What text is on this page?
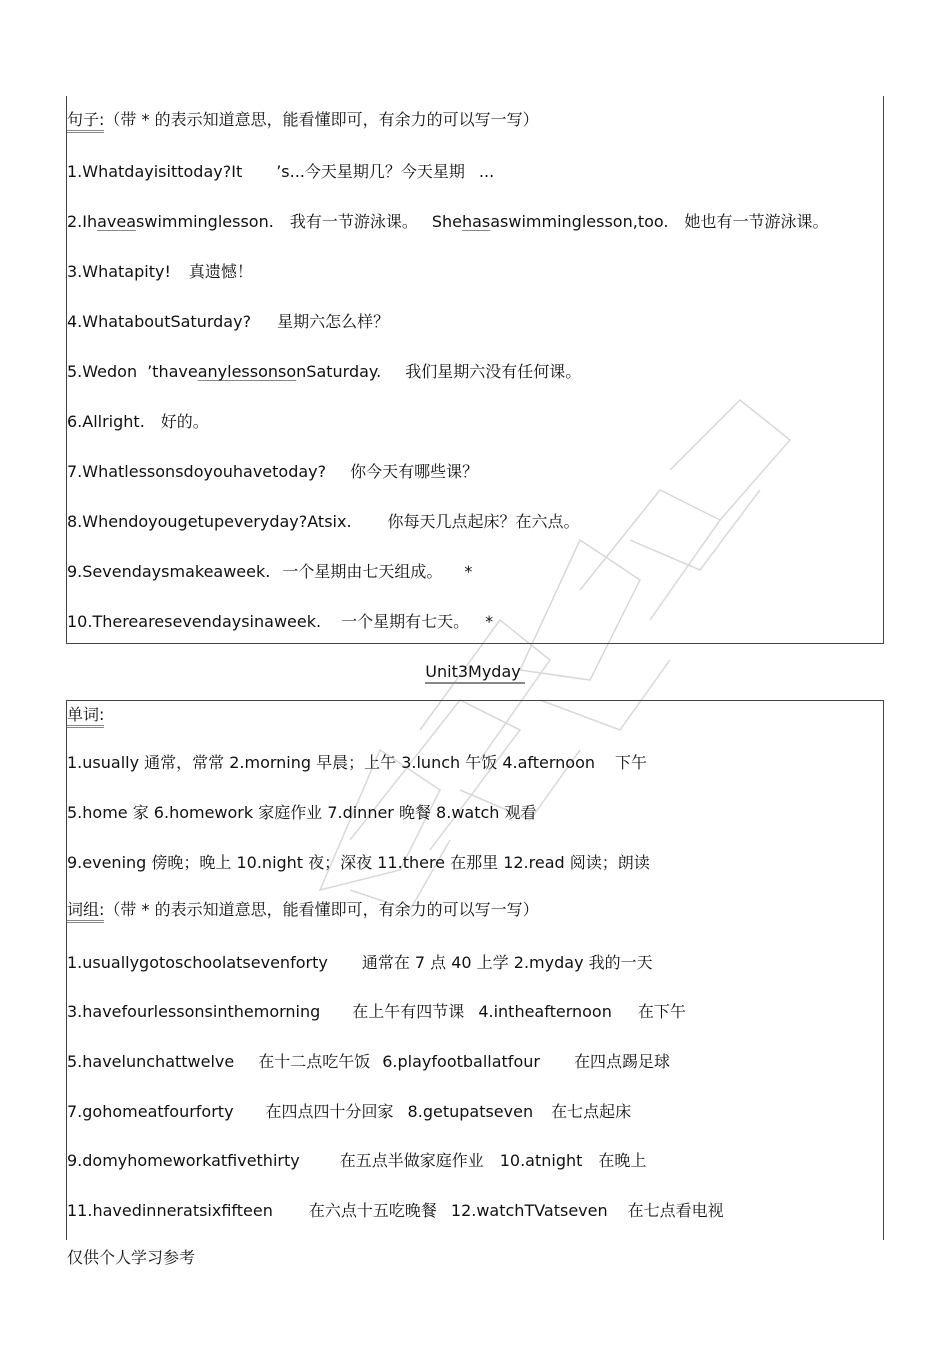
句子:（带 * 的表示知道意思，能看懂即可，有余力的可以写一写）
1.Whatdayisittoday?It ’s...今天星期几？今天星期 ...
2.Ihaveaswimminglesson. 我有一节游泳课。 Shehasaswimminglesson,too. 她也有一节游泳课。
3.Whatapity! 真遗憾！
4.WhataboutSaturday? 星期六怎么样？
5.Wedon ’thaveanylessonsonSaturday. 我们星期六没有任何课。
6.Allright. 好的。
7.Whatlessonsdoyouhavetoday? 你今天有哪些课？
8.Whendoyougetupeveryday?Atsix. 你每天几点起床？在六点。
9.Sevendaysmakeaweek. 一个星期由七天组成。 *
10.Therearesevendaysinaweek. 一个星期有七天。 *
Unit3Myday
单词:
1.usually 通常，常常 2.morning 早晨；上午 3.lunch 午饭 4.afternoon 下午
5.home 家 6.homework 家庭作业 7.dinner 晚餐 8.watch 观看
9.evening 傍晚；晚上 10.night 夜；深夜 11.there 在那里 12.read 阅读；朗读
词组:（带 * 的表示知道意思，能看懂即可，有余力的可以写一写）
1.usuallygotoschoolatsevenforty 通常在 7 点 40 上学 2.myday 我的一天
3.havefourlessonsinthemorning 在上午有四节课 4.intheafternoon 在下午
5.havelunchattwelve 在十二点吃午饭 6.playfootballatfour 在四点踢足球
7.gohomeatfourforty 在四点四十分回家 8.getupatseven 在七点起床
9.domyhomeworkatfivethirty	在五点半做家庭作业 10.atnight 在晚上
11.havedinneratsixfifteen 在六点十五吃晚餐 12.watchTVatseven 在七点看电视
仅供个人学习参考
